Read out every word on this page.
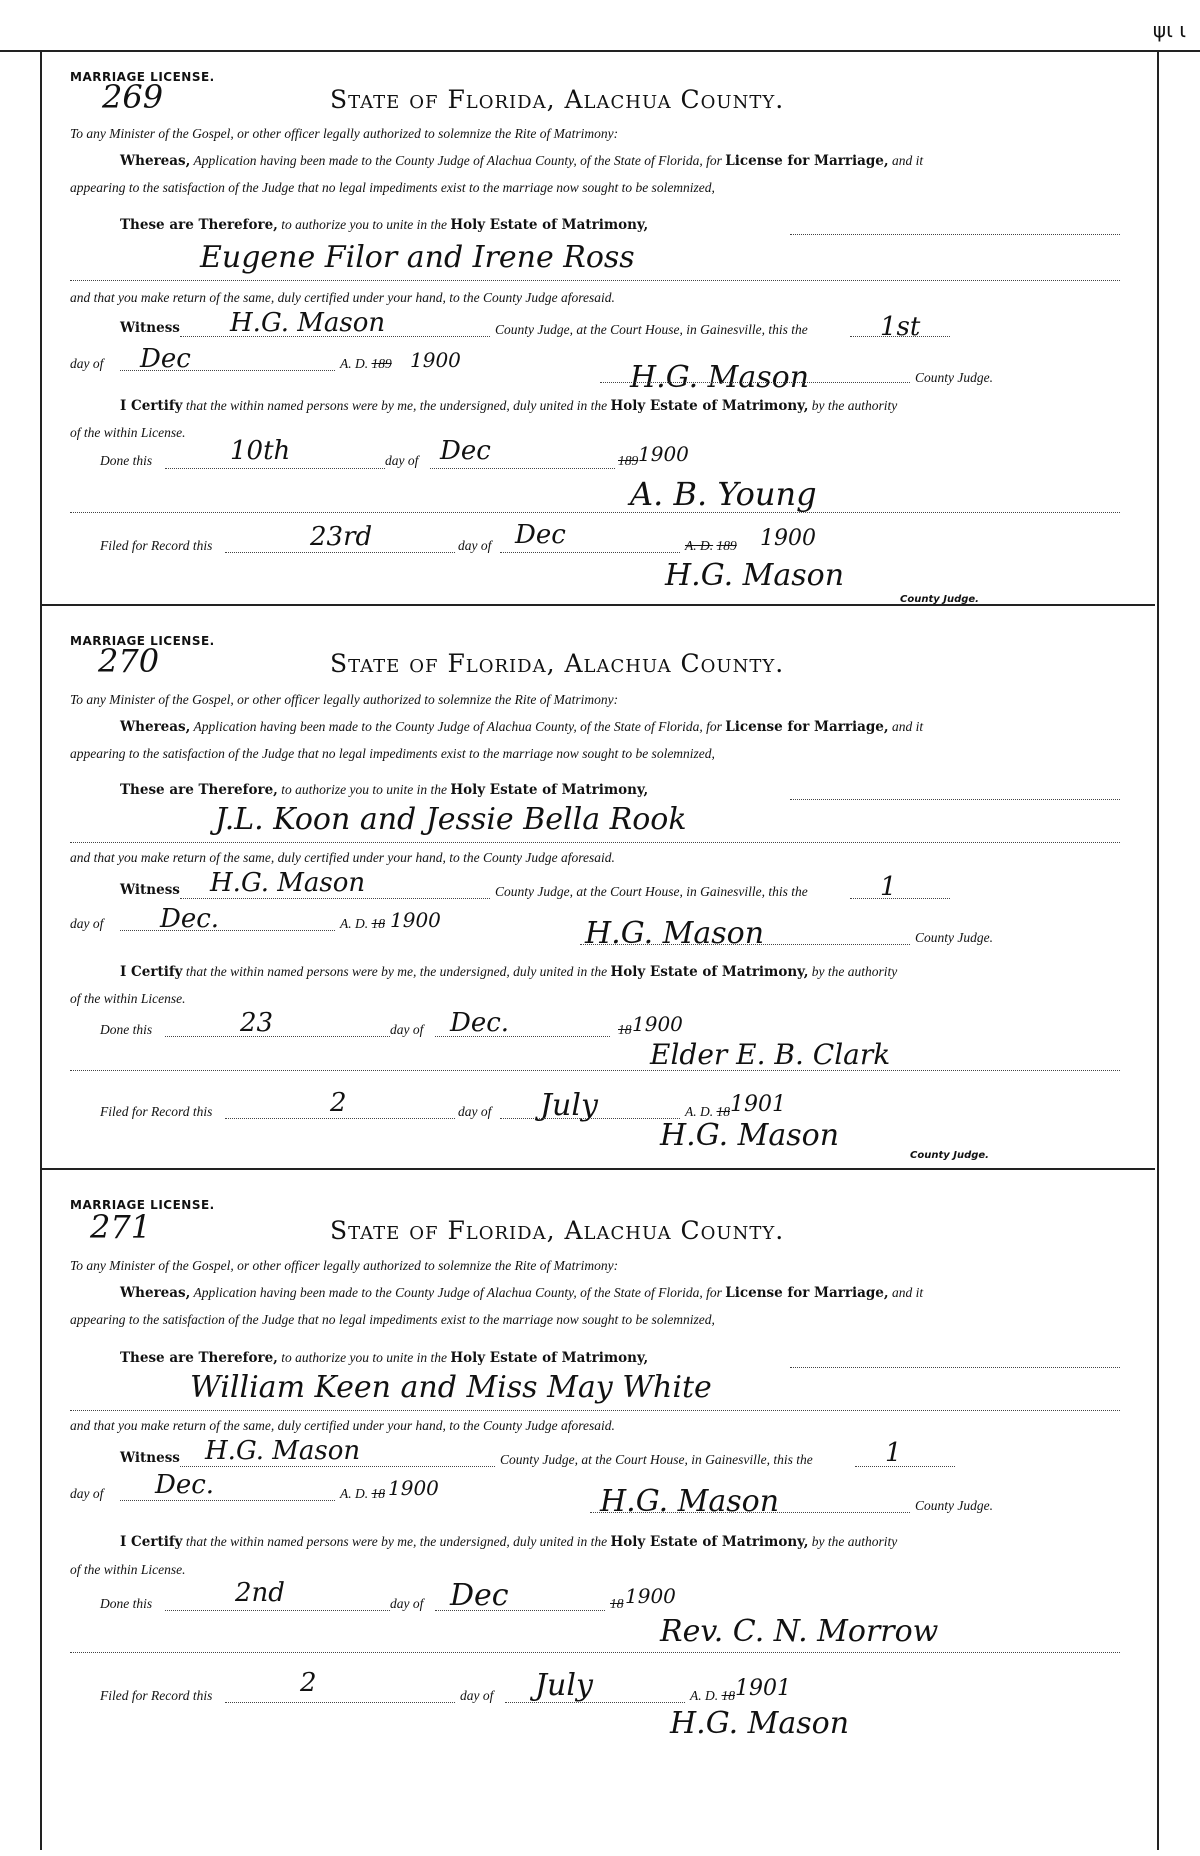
ψι ι
MARRIAGE LICENSE.
269	State of Florida, Alachua County.
To any Minister of the Gospel, or other officer legally authorized to solemnize the Rite of Matrimony:
Whereas, Application having been made to the County Judge of Alachua County, of the State of Florida, for License for Marriage, and it
appearing to the satisfaction of the Judge that no legal impediments exist to the marriage now sought to be solemnized,
These are Therefore, to authorize you to unite in the Holy Estate of Matrimony,
Eugene Filor and Irene Ross
and that you make return of the same, duly certified under your hand, to the County Judge aforesaid.
Witness H.G. Mason	County Judge, at the Court House, in Gainesville, this the	1st
day of Dec	A. D. 189 1900	H.G. Mason	County Judge.
I Certify that the within named persons were by me, the undersigned, duly united in the Holy Estate of Matrimony, by the authority
of the within License.
Done this	10th	day of Dec	189 1900
A. B. Young
Filed for Record this	23rd	day of Dec	A. D. 189 1900
H.G. Mason
County Judge.
MARRIAGE LICENSE.
270	State of Florida, Alachua County.
To any Minister of the Gospel, or other officer legally authorized to solemnize the Rite of Matrimony:
Whereas, Application having been made to the County Judge of Alachua County, of the State of Florida, for License for Marriage, and it
appearing to the satisfaction of the Judge that no legal impediments exist to the marriage now sought to be solemnized,
These are Therefore, to authorize you to unite in the Holy Estate of Matrimony,
J.L. Koon and Jessie Bella Rook
and that you make return of the same, duly certified under your hand, to the County Judge aforesaid.
Witness H.G. Mason	County Judge, at the Court House, in Gainesville, this the	1
day of Dec.	A. D. 18 1900	H.G. Mason	County Judge.
I Certify that the within named persons were by me, the undersigned, duly united in the Holy Estate of Matrimony, by the authority
of the within License.
Done this	23	day of Dec.	18 1900
Elder E. B. Clark
Filed for Record this	2	day of July	A. D. 18 1901
H.G. Mason
County Judge.
MARRIAGE LICENSE.
271	State of Florida, Alachua County.
To any Minister of the Gospel, or other officer legally authorized to solemnize the Rite of Matrimony:
Whereas, Application having been made to the County Judge of Alachua County, of the State of Florida, for License for Marriage, and it
appearing to the satisfaction of the Judge that no legal impediments exist to the marriage now sought to be solemnized,
These are Therefore, to authorize you to unite in the Holy Estate of Matrimony,
William Keen and Miss May White
and that you make return of the same, duly certified under your hand, to the County Judge aforesaid.
Witness H.G. Mason	County Judge, at the Court House, in Gainesville, this the	1
day of Dec.	A. D. 18 1900	H.G. Mason	County Judge.
I Certify that the within named persons were by me, the undersigned, duly united in the Holy Estate of Matrimony, by the authority
of the within License.
Done this	2nd	day of Dec	18 1900
Rev. C. N. Morrow
Filed for Record this	2	day of July	A. D. 18 1901
H.G. Mason
